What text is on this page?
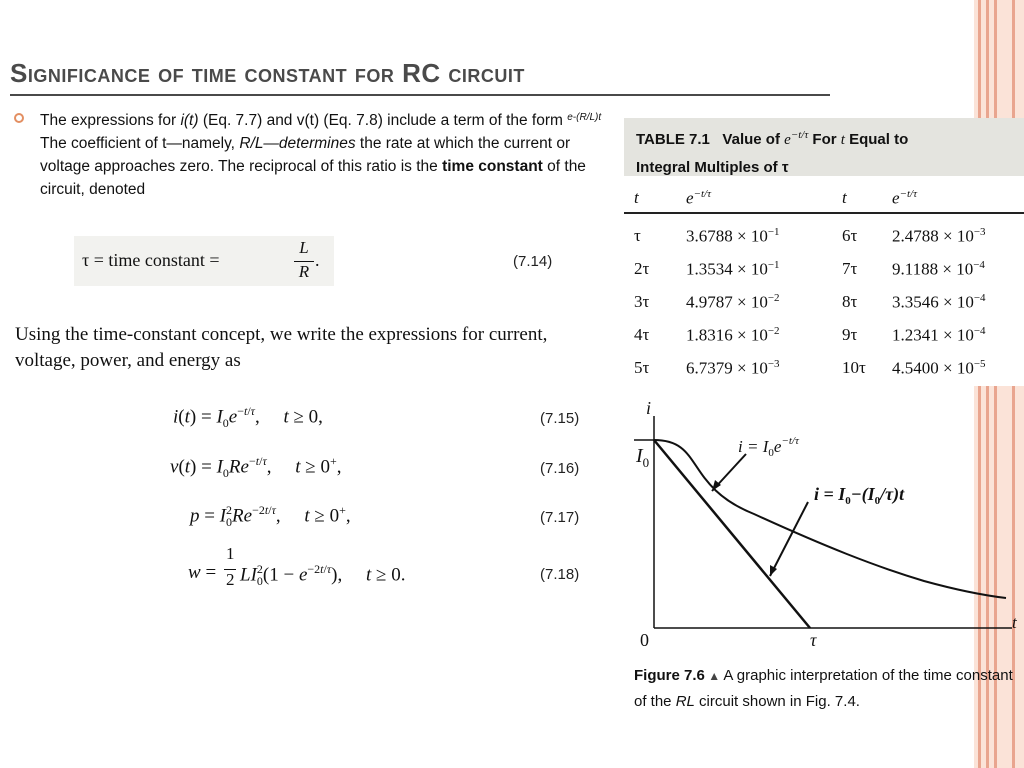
Significance of time constant for RC circuit
The expressions for i(t) (Eq. 7.7) and v(t) (Eq. 7.8) include a term of the form $^{e-(R/L)t}$ The coefficient of t—namely, R/L—determines the rate at which the current or voltage approaches zero. The reciprocal of this ratio is the time constant of the circuit, denoted
τ = time constant =
L
R
.	(7.14)
Using the time-constant concept, we write the expressions for current, voltage, power, and energy as
$i(t) = I_0e^{-t/\tau}$,     t ≥ 0,	(7.15)
$v(t) = I_0Re^{-t/\tau}$,     t ≥ 0+,	(7.16)
$p = I_0^2Re^{-2t/\tau}$,     t ≥ 0+,	(7.17)
w =
1
2 $LI_0^2(1 - e^{-2t/\tau})$,     t ≥ 0.	(7.18)
TABLE 7.1 Value of $e^{-t/\tau}$ For t Equal to
Integral Multiples of τ
t	$e^{-t/\tau}$	t	$e^{-t/\tau}$
τ	$3.6788 \times 10^{-1}$	6τ $2.4788 \times 10^{-3}$
2τ $1.3534 \times 10^{-1}$	7τ $9.1188 \times 10^{-4}$
3τ $4.9787 \times 10^{-2}$	8τ $3.3546 \times 10^{-4}$
4τ $1.8316 \times 10^{-2}$	9τ $1.2341 \times 10^{-4}$
5τ $6.7379 \times 10^{-3}$	10τ $4.5400 \times 10^{-5}$
i
t
0	τ
$I_0$
$i = I_0e^{-t/\tau}$
$i = I_0-(I_0/\tau)t$
Figure 7.6 ▲ A graphic interpretation of the time constant of the RL circuit shown in Fig. 7.4.
